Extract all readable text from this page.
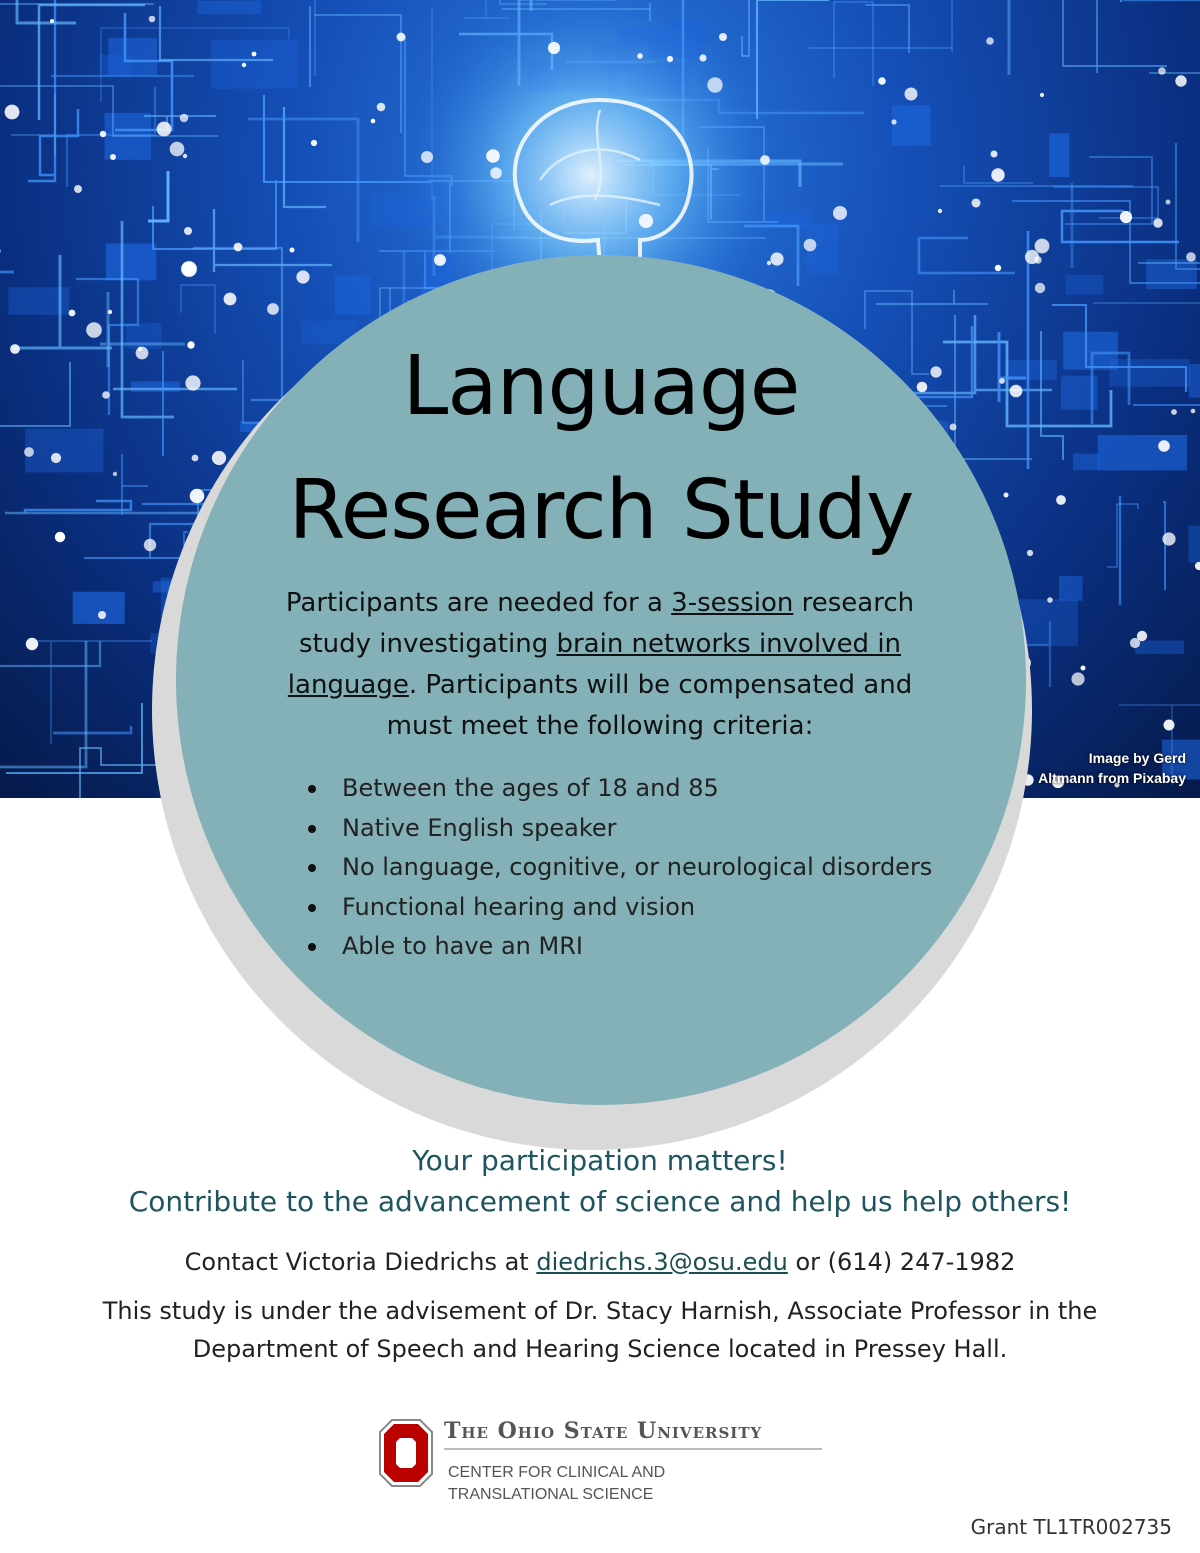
Image by Gerd
Altmann from Pixabay
Language
Research Study

Participants are needed for a 3-session research study investigating brain networks involved in language. Participants will be compensated and must meet the following criteria:

Between the ages of 18 and 85
Native English speaker
No language, cognitive, or neurological disorders
Functional hearing and vision
Able to have an MRI
Your participation matters!
Contribute to the advancement of science and help us help others!
Contact Victoria Diedrichs at diedrichs.3@osu.edu or (614) 247-1982
This study is under the advisement of Dr. Stacy Harnish, Associate Professor in the
Department of Speech and Hearing Science located in Pressey Hall.
The Ohio State University
CENTER FOR CLINICAL AND
TRANSLATIONAL SCIENCE
Grant TL1TR002735
